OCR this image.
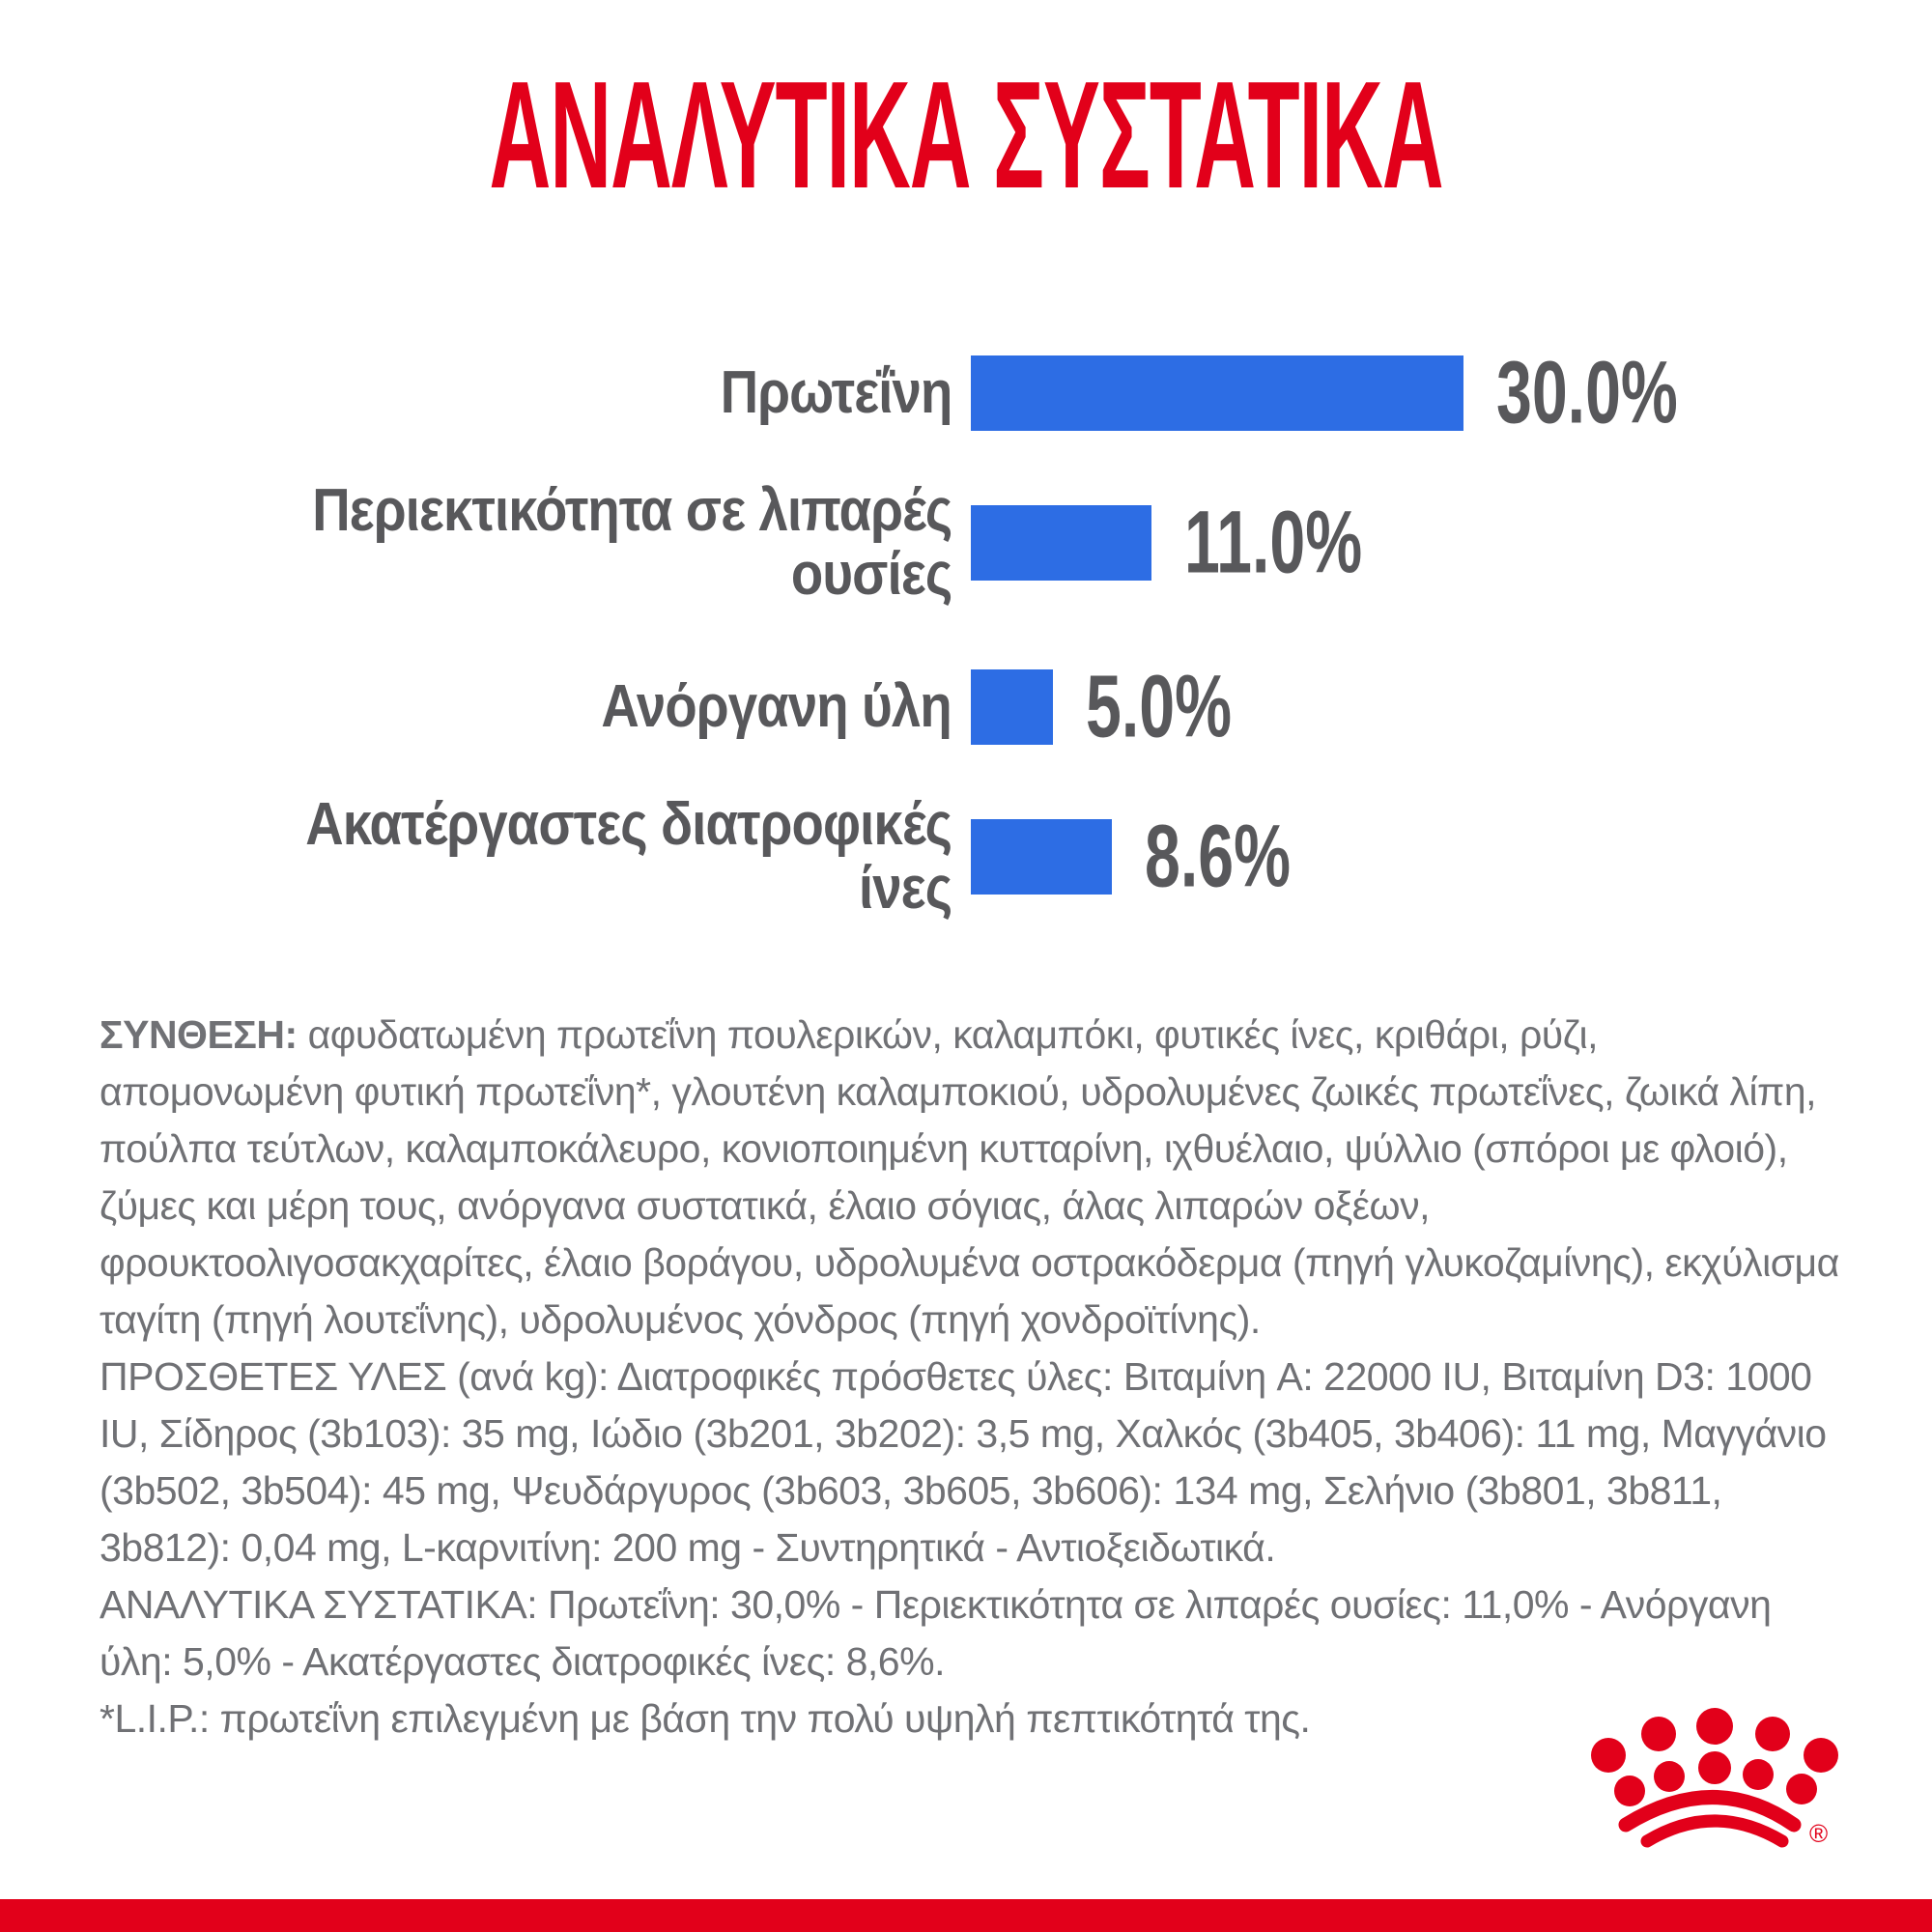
ΑΝΑΛΥΤΙΚΑ ΣΥΣΤΑΤΙΚΑ
Πρωτεΐνη	30.0%
Περιεκτικότητα σε λιπαρές
ουσίες	11.0%
Ανόργανη ύλη 5.0%
Ακατέργαστες διατροφικές
ίνες 8.6%

ΣΥΝΘΕΣΗ: αφυδατωμένη πρωτεΐνη πουλερικών, καλαμπόκι, φυτικές ίνες, κριθάρι, ρύζι, απομονωμένη φυτική πρωτεΐνη*, γλουτένη καλαμποκιού, υδρολυμένες ζωικές πρωτεΐνες, ζωικά λίπη, πούλπα τεύτλων, καλαμποκάλευρο, κονιοποιημένη κυτταρίνη, ιχθυέλαιο, ψύλλιο (σπόροι με φλοιό), ζύμες και μέρη τους, ανόργανα συστατικά, έλαιο σόγιας, άλας λιπαρών οξέων, φρουκτοολιγοσακχαρίτες, έλαιο βοράγου, υδρολυμένα οστρακόδερμα (πηγή γλυκοζαμίνης), εκχύλισμα ταγίτη (πηγή λουτεΐνης), υδρολυμένος χόνδρος (πηγή χονδροϊτίνης).

ΠΡΟΣΘΕΤΕΣ ΥΛΕΣ (ανά kg): Διατροφικές πρόσθετες ύλες: Βιταμίνη A: 22000 IU, Βιταμίνη D3: 1000 IU, Σίδηρος (3b103): 35 mg, Ιώδιο (3b201, 3b202): 3,5 mg, Χαλκός (3b405, 3b406): 11 mg, Μαγγάνιο (3b502, 3b504): 45 mg, Ψευδάργυρος (3b603, 3b605, 3b606): 134 mg, Σελήνιο (3b801, 3b811, 3b812): 0,04 mg, L-καρνιτίνη: 200 mg - Συντηρητικά - Αντιοξειδωτικά.

ΑΝΑΛΥΤΙΚΑ ΣΥΣΤΑΤΙΚΑ: Πρωτεΐνη: 30,0% - Περιεκτικότητα σε λιπαρές ουσίες: 11,0% - Ανόργανη ύλη: 5,0% - Ακατέργαστες διατροφικές ίνες: 8,6%.

*L.I.P.: πρωτεΐνη επιλεγμένη με βάση την πολύ υψηλή πεπτικότητά της.

®
